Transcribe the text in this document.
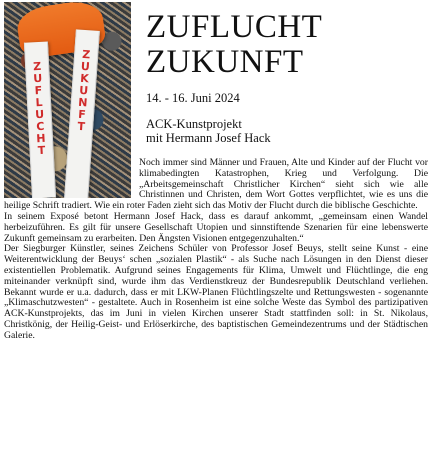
ZUFLUCHT ZUKUNFT
ZUFLUCHT
ZUKUNFT
14. - 16. Juni 2024
ACK-Kunstprojekt
mit Hermann Josef Hack

Noch immer sind Männer und Frauen, Alte und Kinder auf der Flucht vor klimabedingten Katastrophen, Krieg und Verfolgung. Die „Arbeitsgemeinschaft Christlicher Kirchen“ sieht sich wie alle Christinnen und Christen, dem Wort Gottes verpflichtet, wie es uns die heilige Schrift tradiert. Wie ein roter Faden zieht sich das Motiv der Flucht durch die biblische Geschichte.

In seinem Exposé betont Hermann Josef Hack, dass es darauf ankommt, „gemeinsam einen Wandel herbeizuführen. Es gilt für unsere Gesellschaft Utopien und sinnstiftende Szenarien für eine lebenswerte Zukunft gemeinsam zu erarbeiten. Den Ängsten Visionen entgegenzuhalten.“

Der Siegburger Künstler, seines Zeichens Schüler von Professor Josef Beuys, stellt seine Kunst - eine Weiterentwicklung der Beuys‘ schen „sozialen Plastik“ - als Suche nach Lösungen in den Dienst dieser existentiellen Problematik. Aufgrund seines Engagements für Klima, Umwelt und Flüchtlinge, die eng miteinander verknüpft sind, wurde ihm das Verdienstkreuz der Bundesrepublik Deutschland verliehen. Bekannt wurde er u.a. dadurch, dass er mit LKW-Planen Flüchtlingszelte und Rettungswesten - sogenannte „Klimaschutzwesten“ - gestaltete. Auch in Rosenheim ist eine solche Weste das Symbol des partizipativen ACK-Kunstprojekts, das im Juni in vielen Kirchen unserer Stadt stattfinden soll: in St. Nikolaus, Christkönig, der Heilig-Geist- und Erlöserkirche, des baptistischen Gemeindezentrums und der Städtischen Galerie.
